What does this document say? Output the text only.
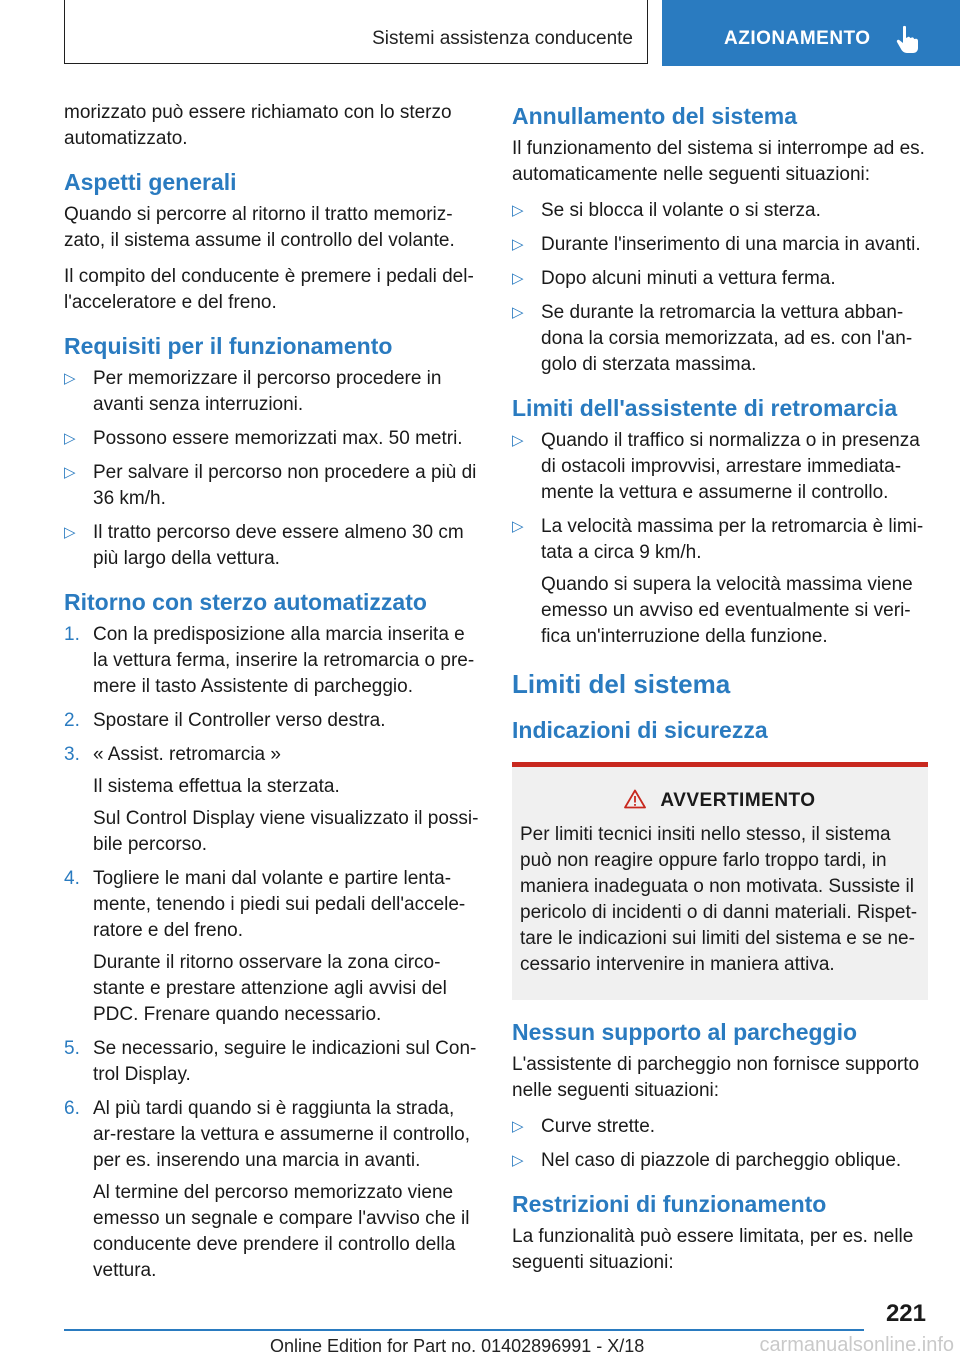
Sistemi assistenza conducente	AZIONAMENTO

morizzato può essere richiamato con lo sterzo automatizzato.

Aspetti generali

Quando si percorre al ritorno il tratto memoriz‐zato, il sistema assume il controllo del volante.

Il compito del conducente è premere i pedali del‐l'acceleratore e del freno.

Requisiti per il funzionamento
▷ Per memorizzare il percorso procedere in avanti senza interruzioni.
▷ Possono essere memorizzati max. 50 metri.
▷ Per salvare il percorso non procedere a più di 36 km/h.
▷ Il tratto percorso deve essere almeno 30 cm più largo della vettura.
Ritorno con sterzo automatizzato
1. Con la predisposizione alla marcia inserita e la vettura ferma, inserire la retromarcia o pre‐mere il tasto Assistente di parcheggio.
2. Spostare il Controller verso destra.
3. « Assist. retromarcia »
Il sistema effettua la sterzata.
Sul Control Display viene visualizzato il possi‐bile percorso.
4. Togliere le mani dal volante e partire lenta‐mente, tenendo i piedi sui pedali dell'accele‐ratore e del freno.
Durante il ritorno osservare la zona circo‐stante e prestare attenzione agli avvisi del PDC. Frenare quando necessario.
5. Se necessario, seguire le indicazioni sul Con‐trol Display.
6. Al più tardi quando si è raggiunta la strada, ar‐restare la vettura e assumerne il controllo, per es. inserendo una marcia in avanti.
Al termine del percorso memorizzato viene emesso un segnale e compare l'avviso che il conducente deve prendere il controllo della vettura.
Annullamento del sistema

Il funzionamento del sistema si interrompe ad es. automaticamente nelle seguenti situazioni:

▷ Se si blocca il volante o si sterza.
▷ Durante l'inserimento di una marcia in avanti.
▷ Dopo alcuni minuti a vettura ferma.
▷ Se durante la retromarcia la vettura abban‐dona la corsia memorizzata, ad es. con l'an‐golo di sterzata massima.
Limiti dell'assistente di retromarcia
▷ Quando il traffico si normalizza o in presenza di ostacoli improvvisi, arrestare immediata‐mente la vettura e assumerne il controllo.
▷ La velocità massima per la retromarcia è limi‐tata a circa 9 km/h.
Quando si supera la velocità massima viene emesso un avviso ed eventualmente si veri‐fica un'interruzione della funzione.
Limiti del sistema
Indicazioni di sicurezza
AVVERTIMENTO
Per limiti tecnici insiti nello stesso, il sistema può non reagire oppure farlo troppo tardi, in maniera inadeguata o non motivata. Sussiste il pericolo di incidenti o di danni materiali. Rispet‐tare le indicazioni sui limiti del sistema e se ne‐cessario intervenire in maniera attiva.
Nessun supporto al parcheggio

L'assistente di parcheggio non fornisce supporto nelle seguenti situazioni:

▷ Curve strette.
▷ Nel caso di piazzole di parcheggio oblique.
Restrizioni di funzionamento

La funzionalità può essere limitata, per es. nelle seguenti situazioni:

221
Online Edition for Part no. 01402896991 - X/18	carmanualsonline.info
